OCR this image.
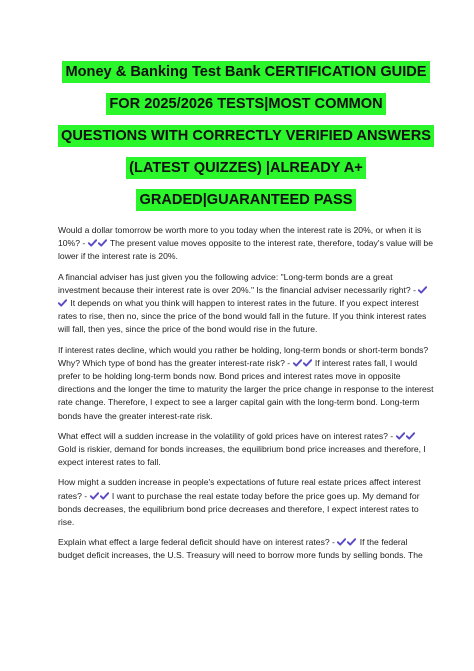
Money & Banking Test Bank CERTIFICATION GUIDE
FOR 2025/2026 TESTS|MOST COMMON
QUESTIONS WITH CORRECTLY VERIFIED ANSWERS
(LATEST QUIZZES) |ALREADY A+
GRADED|GUARANTEED PASS

Would a dollar tomorrow be worth more to you today when the interest rate is 20%, or when it is 10%? -	The present value moves opposite to the interest rate, therefore, today's value will be lower if the interest rate is 20%.

A financial adviser has just given you the following advice: "Long-term bonds are a great investment because their interest rate is over 20%." Is the financial adviser necessarily right? -
It depends on what you think will happen to interest rates in the future. If you expect interest rates to rise, then no, since the price of the bond would fall in the future. If you think interest rates will fall, then yes, since the price of the bond would rise in the future.

If interest rates decline, which would you rather be holding, long-term bonds or short-term bonds? Why? Which type of bond has the greater interest-rate risk? -	If interest rates fall, I would prefer to be holding long-term bonds now. Bond prices and interest rates move in opposite directions and the longer the time to maturity the larger the price change in response to the interest rate change. Therefore, I expect to see a larger capital gain with the long-term bond. Long-term bonds have the greater interest-rate risk.

What effect will a sudden increase in the volatility of gold prices have on interest rates? -
Gold is riskier, demand for bonds increases, the equilibrium bond price increases and therefore, I expect interest rates to fall.

How might a sudden increase in people's expectations of future real estate prices affect interest rates? -	I want to purchase the real estate today before the price goes up. My demand for bonds decreases, the equilibrium bond price decreases and therefore, I expect interest rates to rise.

Explain what effect a large federal deficit should have on interest rates? -	If the federal budget deficit increases, the U.S. Treasury will need to borrow more funds by selling bonds. The
